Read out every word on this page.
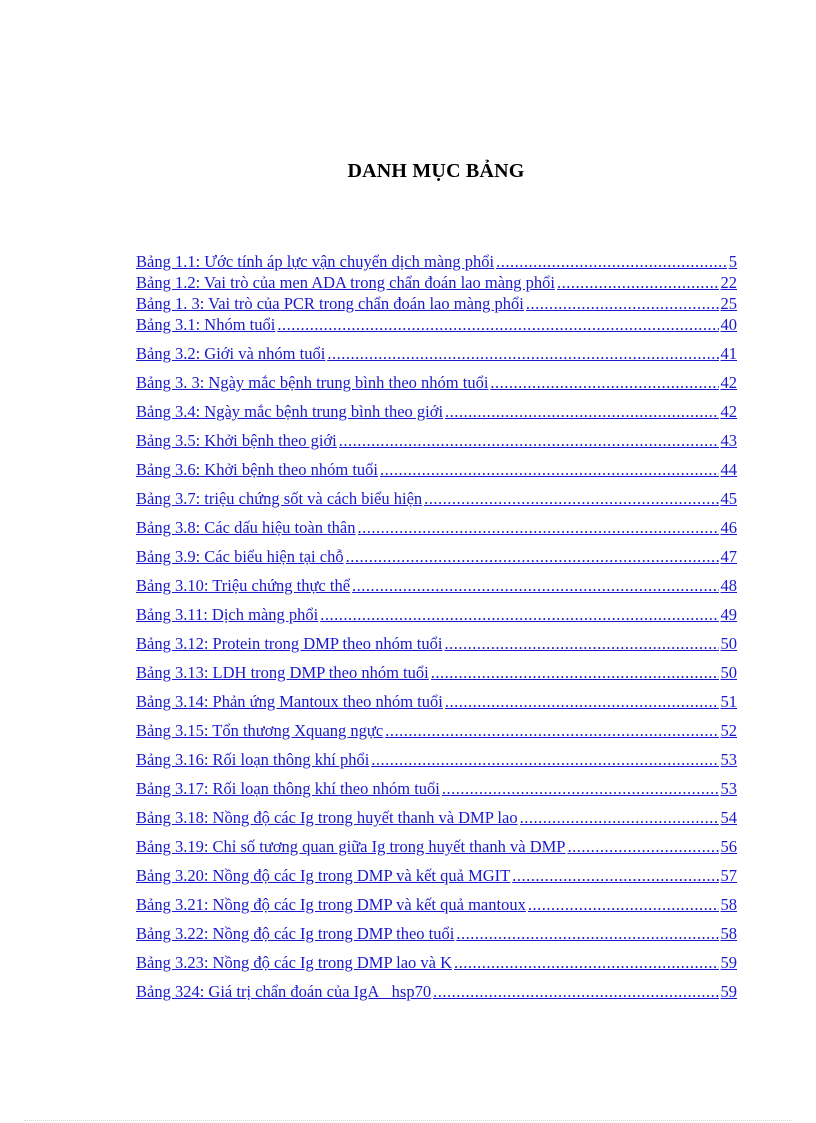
DANH MỤC BẢNG
Bảng 1.1: Ước tính áp lực vận chuyển dịch màng phổi .....	5
Bảng 1.2: Vai trò của men ADA trong chẩn đoán lao màng phổi .....	22
Bảng 1. 3: Vai trò của PCR trong chẩn đoán lao màng phổi .....	25
Bảng 3.1: Nhóm tuổi .....	40
Bảng 3.2: Giới và nhóm tuổi .....	41
Bảng 3. 3: Ngày mắc bệnh trung bình theo nhóm tuổi .....	42
Bảng 3.4: Ngày mắc bệnh trung bình theo giới .....	42
Bảng 3.5: Khởi bệnh theo giới .....	43
Bảng 3.6: Khởi bệnh theo nhóm tuổi .....	44
Bảng 3.7: triệu chứng sốt và cách biểu hiện .....	45
Bảng 3.8: Các dấu hiệu toàn thân .....	46
Bảng 3.9: Các biểu hiện tại chỗ .....	47
Bảng 3.10: Triệu chứng thực thể .....	48
Bảng 3.11: Dịch màng phổi .....	49
Bảng 3.12: Protein trong DMP theo nhóm tuổi .....	50
Bảng 3.13: LDH trong DMP theo nhóm tuổi .....	50
Bảng 3.14: Phản ứng Mantoux theo nhóm tuổi .....	51
Bảng 3.15: Tổn thương Xquang ngực .....	52
Bảng 3.16: Rối loạn thông khí phổi .....	53
Bảng 3.17: Rối loạn thông khí theo nhóm tuổi .....	53
Bảng 3.18: Nồng độ các Ig trong huyết thanh và DMP lao .....	54
Bảng 3.19: Chỉ số tương quan giữa Ig trong huyết thanh và DMP .....	56
Bảng 3.20: Nồng độ các Ig trong DMP và kết quả MGIT .....	57
Bảng 3.21: Nồng độ các Ig trong DMP và kết quả mantoux .....	58
Bảng 3.22: Nồng độ các Ig trong DMP theo tuổi .....	58
Bảng 3.23: Nồng độ các Ig trong DMP lao và K .....	59
Bảng 324: Giá trị chẩn đoán của IgA_ hsp70 .....	59
